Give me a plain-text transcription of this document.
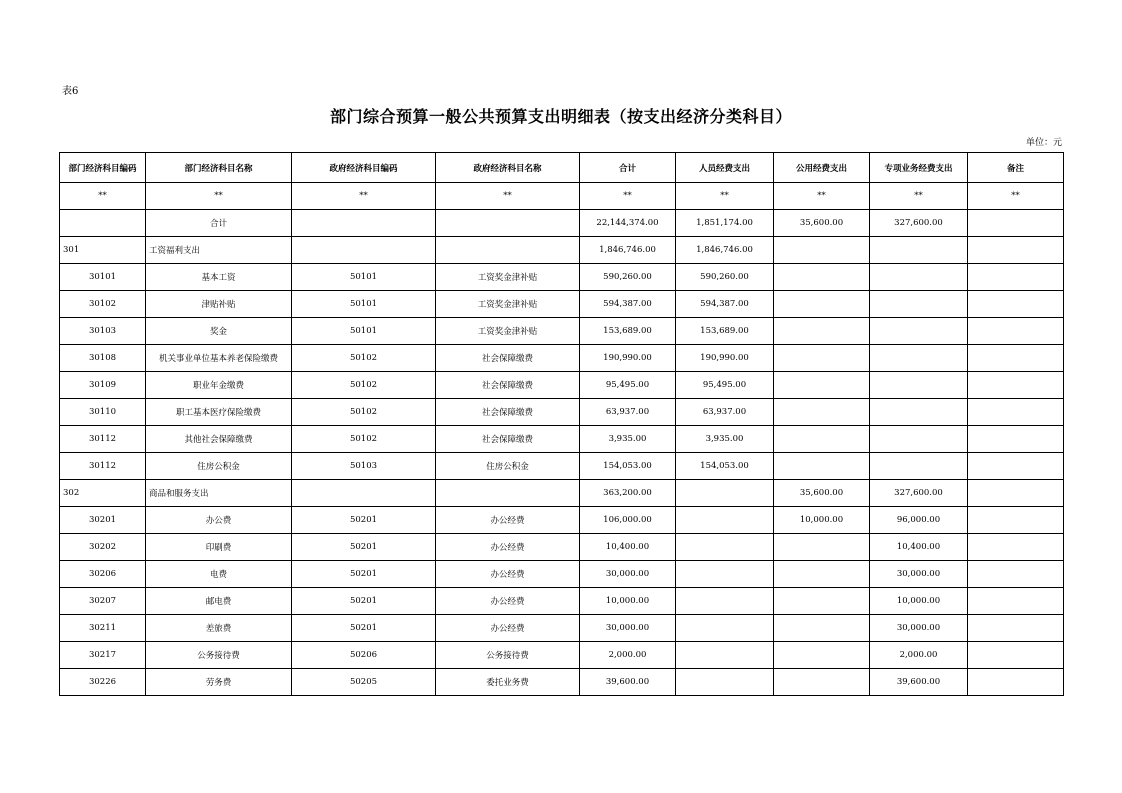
表6
部门综合预算一般公共预算支出明细表（按支出经济分类科目）
单位：元
部门经济科目编码	部门经济科目名称	政府经济科目编码	政府经济科目名称	合计	人员经费支出	公用经费支出	专项业务经费支出	备注
**	**	**	**	**	**	**	**	**
	合计			22,144,374.00	1,851,174.00	35,600.00	327,600.00	
301	工资福利支出			1,846,746.00	1,846,746.00			
30101	基本工资	50101	工资奖金津补贴	590,260.00	590,260.00			
30102	津贴补贴	50101	工资奖金津补贴	594,387.00	594,387.00			
30103	奖金	50101	工资奖金津补贴	153,689.00	153,689.00			
30108	机关事业单位基本养老保险缴费	50102	社会保障缴费	190,990.00	190,990.00			
30109	职业年金缴费	50102	社会保障缴费	95,495.00	95,495.00			
30110	职工基本医疗保险缴费	50102	社会保障缴费	63,937.00	63,937.00			
30112	其他社会保障缴费	50102	社会保障缴费	3,935.00	3,935.00			
30112	住房公积金	50103	住房公积金	154,053.00	154,053.00			
302	商品和服务支出			363,200.00		35,600.00	327,600.00	
30201	办公费	50201	办公经费	106,000.00		10,000.00	96,000.00	
30202	印刷费	50201	办公经费	10,400.00			10,400.00	
30206	电费	50201	办公经费	30,000.00			30,000.00	
30207	邮电费	50201	办公经费	10,000.00			10,000.00	
30211	差旅费	50201	办公经费	30,000.00			30,000.00	
30217	公务接待费	50206	公务接待费	2,000.00			2,000.00	
30226	劳务费	50205	委托业务费	39,600.00			39,600.00	
